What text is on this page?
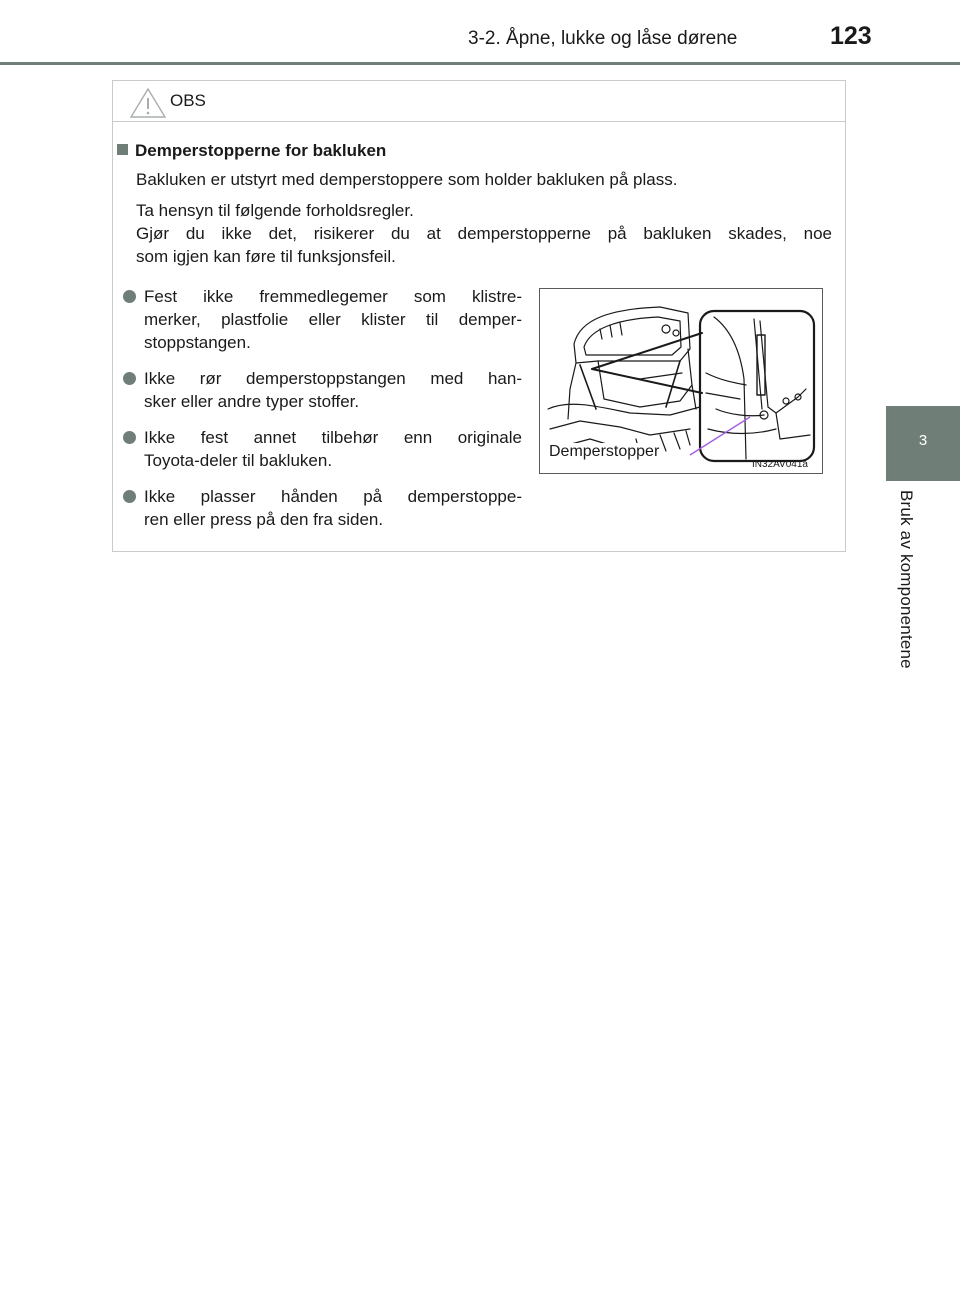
3-2. Åpne, lukke og låse dørene	123
3
Bruk av komponentene
OBS
Demperstopperne for bakluken
Bakluken er utstyrt med demperstoppere som holder bakluken på plass.
Ta hensyn til følgende forholdsregler.
Gjør du ikke det, risikerer du at demperstopperne på bakluken skades, noe
som igjen kan føre til funksjonsfeil.
Fest ikke fremmedlegemer som klistre-
merker, plastfolie eller klister til demper-
stoppstangen.
Ikke rør demperstoppstangen med han-
sker eller andre typer stoffer.
Ikke fest annet tilbehør enn originale
Toyota-deler til bakluken.
Ikke plasser hånden på demperstoppe-
ren eller press på den fra siden.
Demperstopper
IN32AV041a
